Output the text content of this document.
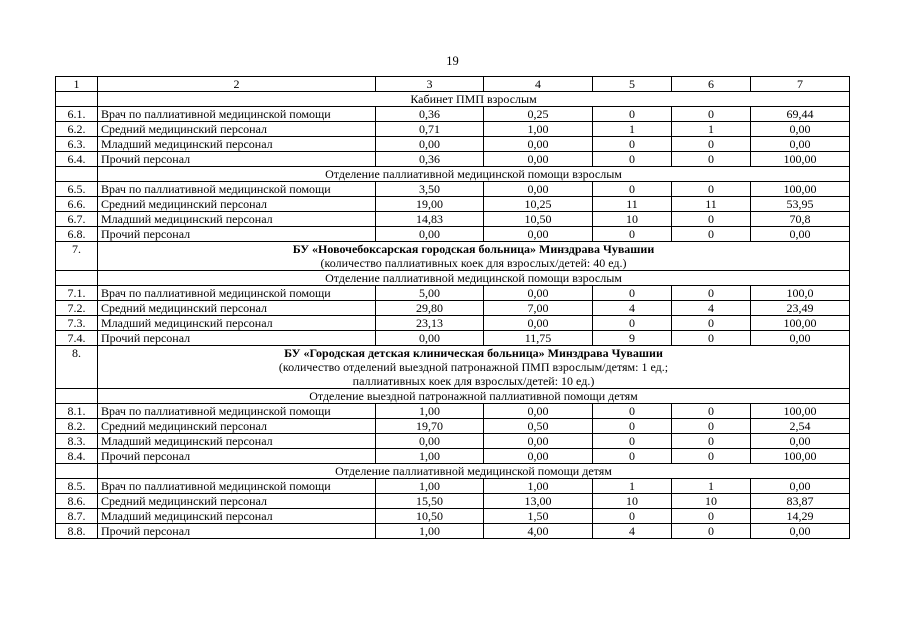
19
1	2	3	4	5	6	7
	Кабинет ПМП взрослым					
6.1.	Врач по паллиативной медицинской помощи	0,36	0,25	0	0	69,44
6.2.	Средний медицинский персонал	0,71	1,00	1	1	0,00
6.3.	Младший медицинский персонал	0,00	0,00	0	0	0,00
6.4.	Прочий персонал	0,36	0,00	0	0	100,00
	Отделение паллиативной медицинской помощи взрослым					
6.5.	Врач по паллиативной медицинской помощи	3,50	0,00	0	0	100,00
6.6.	Средний медицинский персонал	19,00	10,25	11	11	53,95
6.7.	Младший медицинский персонал	14,83	10,50	10	0	70,8
6.8.	Прочий персонал	0,00	0,00	0	0	0,00
7.	БУ «Новочебоксарская городская больница» Минздрава Чувашии
(количество паллиативных коек для взрослых/детей: 40 ед.)					

	Отделение паллиативной медицинской помощи взрослым					
7.1.	Врач по паллиативной медицинской помощи	5,00	0,00	0	0	100,0
7.2.	Средний медицинский персонал	29,80	7,00	4	4	23,49
7.3.	Младший медицинский персонал	23,13	0,00	0	0	100,00
7.4.	Прочий персонал	0,00	11,75	9	0	0,00
8.	БУ «Городская детская клиническая больница» Минздрава Чувашии
(количество отделений выездной патронажной ПМП взрослым/детям: 1 ед.;
паллиативных коек для взрослых/детей: 10 ед.)					

	Отделение выездной патронажной паллиативной помощи детям					
8.1.	Врач по паллиативной медицинской помощи	1,00	0,00	0	0	100,00
8.2.	Средний медицинский персонал	19,70	0,50	0	0	2,54
8.3.	Младший медицинский персонал	0,00	0,00	0	0	0,00
8.4.	Прочий персонал	1,00	0,00	0	0	100,00
	Отделение паллиативной медицинской помощи детям					
8.5.	Врач по паллиативной медицинской помощи	1,00	1,00	1	1	0,00
8.6.	Средний медицинский персонал	15,50	13,00	10	10	83,87
8.7.	Младший медицинский персонал	10,50	1,50	0	0	14,29
8.8.	Прочий персонал	1,00	4,00	4	0	0,00
